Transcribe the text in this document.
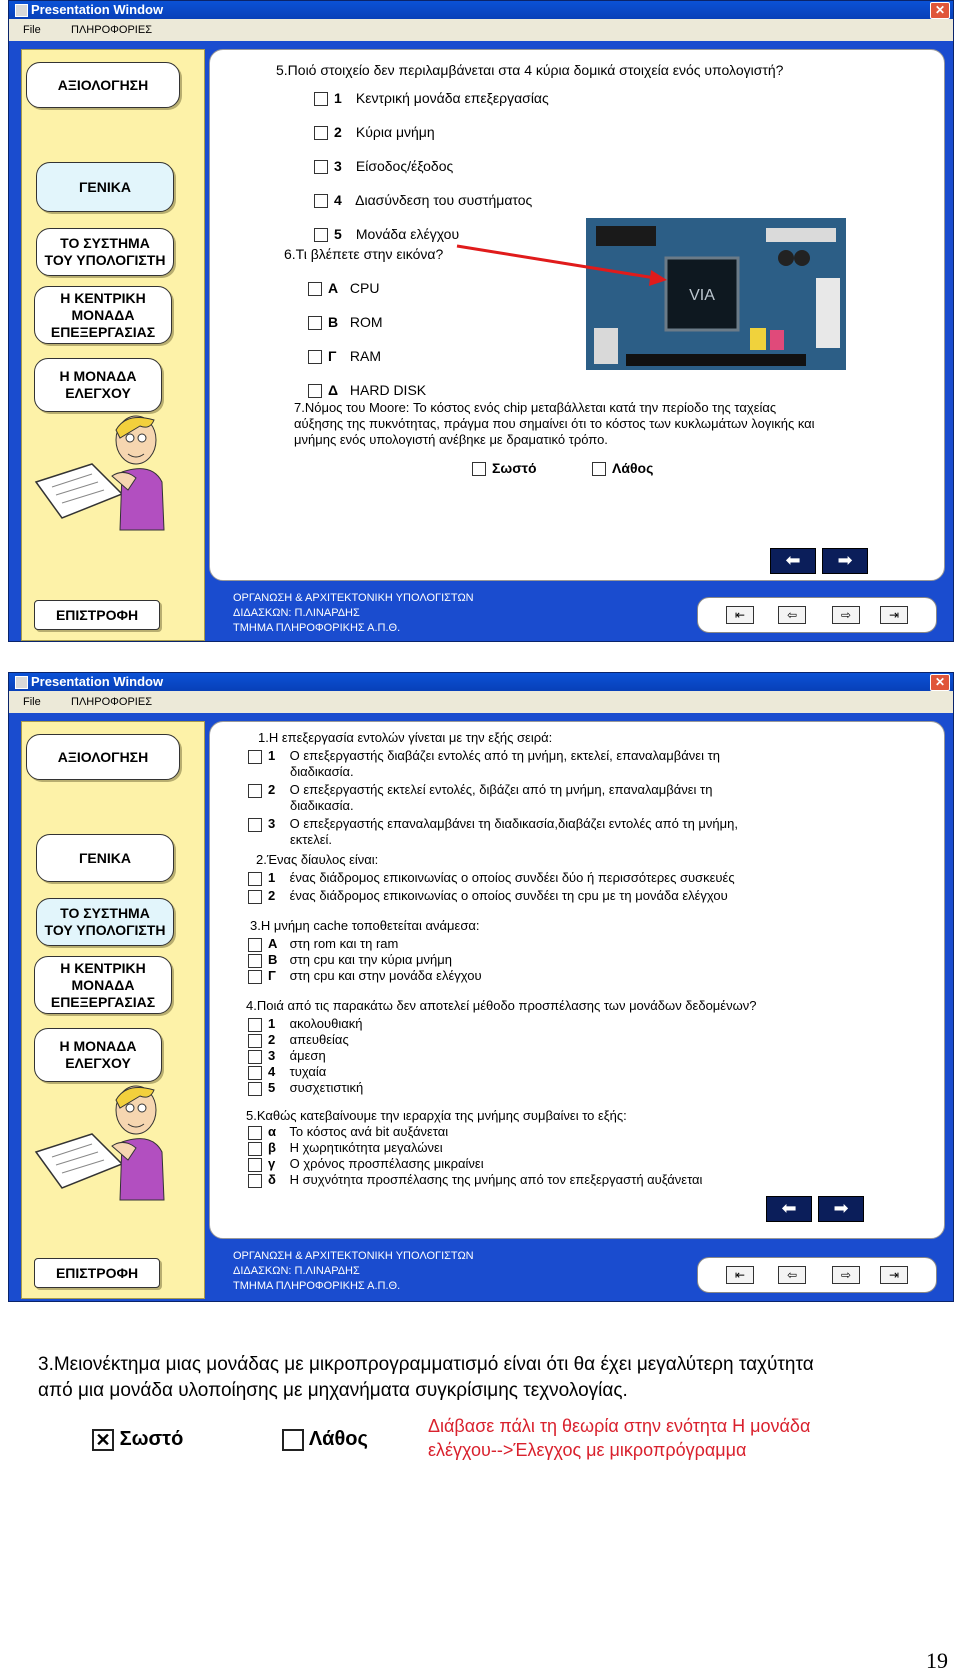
Presentation Window	✕
File	ΠΛΗΡΟΦΟΡΙΕΣ
ΑΞΙΟΛΟΓΗΣΗ
ΓΕΝΙΚΑ
ΤΟ ΣΥΣΤΗΜΑ
ΤΟΥ ΥΠΟΛΟΓΙΣΤΗ
Η ΚΕΝΤΡΙΚΗ
ΜΟΝΑΔΑ
ΕΠΕΞΕΡΓΑΣΙΑΣ
Η ΜΟΝΑΔΑ
ΕΛΕΓΧΟΥ
ΕΠΙΣΤΡΟΦΗ
5.Ποιό στοιχείο δεν περιλαμβάνεται στα 4 κύρια δομικά στοιχεία ενός υπολογιστή?
1 Κεντρική μονάδα επεξεργασίας
2 Κύρια μνήμη
3 Είσοδος/έξοδος
4 Διασύνδεση του συστήματος
5 Μονάδα ελέγχου
6.Τι βλέπετε στην εικόνα?
Α CPU
Β ROM
Γ RAM
Δ HARD DISK
VIA
7.Νόμος του Moore: Το κόστος ενός chip μεταβάλλεται κατά την περίοδο της ταχείας
αύξησης της πυκνότητας, πράγμα που σημαίνει ότι το κόστος των κυκλωμάτων λογικής και
μνήμης ενός υπολογιστή ανέβηκε με δραματικό τρόπο.
Σωστό	Λάθος
⬅	➡
ΟΡΓΑΝΩΣΗ & ΑΡΧΙΤΕΚΤΟΝΙΚΗ ΥΠΟΛΟΓΙΣΤΩΝ
ΔΙΔΑΣΚΩΝ: Π.ΛΙΝΑΡΔΗΣ
ΤΜΗΜΑ ΠΛΗΡΟΦΟΡΙΚΗΣ Α.Π.Θ.
⇤	⇦	⇨	⇥
Presentation Window	✕
File	ΠΛΗΡΟΦΟΡΙΕΣ
ΑΞΙΟΛΟΓΗΣΗ
ΓΕΝΙΚΑ
ΤΟ ΣΥΣΤΗΜΑ
ΤΟΥ ΥΠΟΛΟΓΙΣΤΗ
Η ΚΕΝΤΡΙΚΗ
ΜΟΝΑΔΑ
ΕΠΕΞΕΡΓΑΣΙΑΣ
Η ΜΟΝΑΔΑ
ΕΛΕΓΧΟΥ
ΕΠΙΣΤΡΟΦΗ
1.Η επεξεργασία εντολών γίνεται με την εξής σειρά:
1 Ο επεξεργαστής διαβάζει εντολές από τη μνήμη, εκτελεί, επαναλαμβάνει τη
διαδικασία.
2 Ο επεξεργαστής εκτελεί εντολές, διβάζει από τη μνήμη, επαναλαμβάνει τη
διαδικασία.
3 Ο επεξεργαστής επαναλαμβάνει τη διαδικασία,διαβάζει εντολές από τη μνήμη,
εκτελεί.
2.Ένας δίαυλος είναι:
1 ένας διάδρομος επικοινωνίας ο οποίος συνδέει δύο ή περισσότερες συσκευές
2 ένας διάδρομος επικοινωνίας ο οποίος συνδέει τη cpu με τη μονάδα ελέγχου
3.Η μνήμη cache τοποθετείται ανάμεσα:
Α στη rom και τη ram
Β στη cpu και την κύρια μνήμη
Γ στη cpu και στην μονάδα ελέγχου
4.Ποιά από τις παρακάτω δεν αποτελεί μέθοδο προσπέλασης των μονάδων δεδομένων?
1 ακολουθιακή
2 απευθείας
3 άμεση
4 τυχαία
5 συσχετιστική
5.Καθώς κατεβαίνουμε την ιεραρχία της μνήμης συμβαίνει το εξής:
α Το κόστος ανά bit αυξάνεται
β Η χωρητικότητα μεγαλώνει
γ Ο χρόνος προσπέλασης μικραίνει
δ Η συχνότητα προσπέλασης της μνήμης από τον επεξεργαστή αυξάνεται
⬅	➡
ΟΡΓΑΝΩΣΗ & ΑΡΧΙΤΕΚΤΟΝΙΚΗ ΥΠΟΛΟΓΙΣΤΩΝ
ΔΙΔΑΣΚΩΝ: Π.ΛΙΝΑΡΔΗΣ
ΤΜΗΜΑ ΠΛΗΡΟΦΟΡΙΚΗΣ Α.Π.Θ.
⇤	⇦	⇨	⇥
3.Μειονέκτημα μιας μονάδας με μικροπρογραμματισμό είναι ότι θα έχει μεγαλύτερη ταχύτητα
από μια μονάδα υλοποίησης με μηχανήματα συγκρίσιμης τεχνολογίας.
✕ Σωστό	Λάθος
Διάβασε πάλι τη θεωρία στην ενότητα Η μονάδα
ελέγχου-->Έλεγχος με μικροπρόγραμμα
19
